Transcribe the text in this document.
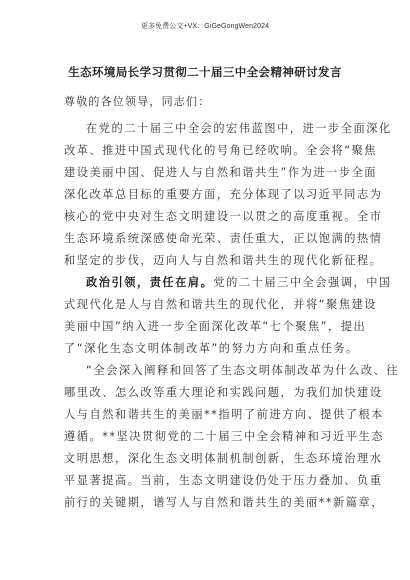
更多免费公文+VX：GiGeGongWen2024
生态环境局长学习贯彻二十届三中全会精神研讨发言
尊敬的各位领导，同志们：
在党的二十届三中全会的宏伟蓝图中，进一步全面深化
改革、推进中国式现代化的号角已经吹响。全会将“聚焦
建设美丽中国、促进人与自然和谐共生”作为进一步全面
深化改革总目标的重要方面，充分体现了以习近平同志为
核心的党中央对生态文明建设一以贯之的高度重视。全市
生态环境系统深感使命光荣、责任重大，正以饱满的热情
和坚定的步伐，迈向人与自然和谐共生的现代化新征程。
政治引领，责任在肩。党的二十届三中全会强调，中国
式现代化是人与自然和谐共生的现代化，并将“聚焦建设
美丽中国”纳入进一步全面深化改革“七个聚焦”，提出
了“深化生态文明体制改革”的努力方向和重点任务。
“全会深入阐释和回答了生态文明体制改革为什么改、往
哪里改、怎么改等重大理论和实践问题，为我们加快建设
人与自然和谐共生的美丽**指明了前进方向、提供了根本
遵循。**坚决贯彻党的二十届三中全会精神和习近平生态
文明思想，深化生态文明体制机制创新，生态环境治理水
平显著提高。当前，生态文明建设仍处于压力叠加、负重
前行的关键期，谱写人与自然和谐共生的美丽**新篇章，
